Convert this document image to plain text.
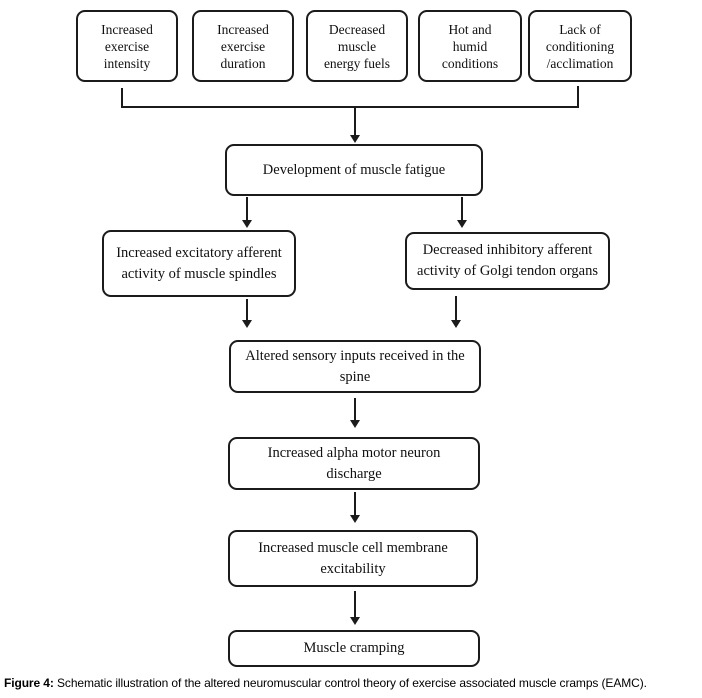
Increased
exercise
intensity
Increased
exercise
duration
Decreased
muscle
energy fuels
Hot and
humid
conditions
Lack of
conditioning
/acclimation
Development of muscle fatigue
Increased excitatory afferent
activity of muscle spindles
Decreased inhibitory afferent
activity of Golgi tendon organs
Altered sensory inputs received in the
spine
Increased alpha motor neuron
discharge
Increased muscle cell membrane
excitability
Muscle cramping
Figure 4: Schematic illustration of the altered neuromuscular control theory of exercise associated muscle cramps (EAMC).
